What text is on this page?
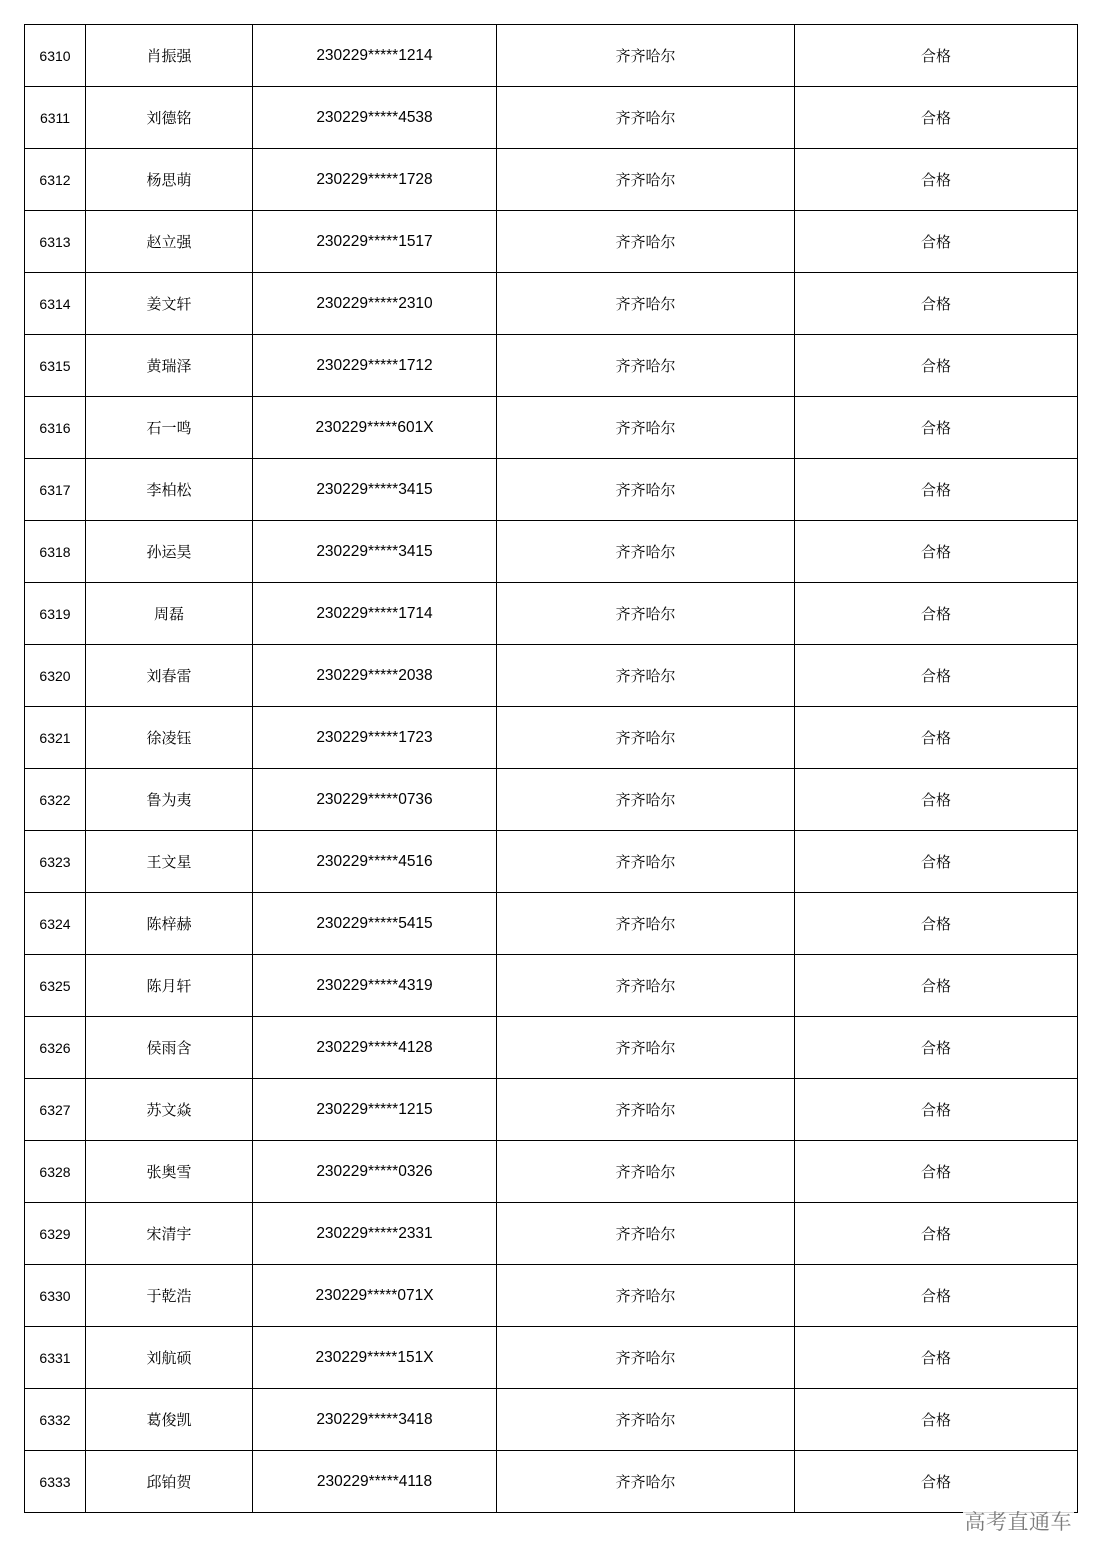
6310	肖振强	230229*****1214	齐齐哈尔	合格
6311	刘德铭	230229*****4538	齐齐哈尔	合格
6312	杨思萌	230229*****1728	齐齐哈尔	合格
6313	赵立强	230229*****1517	齐齐哈尔	合格
6314	姜文轩	230229*****2310	齐齐哈尔	合格
6315	黄瑞泽	230229*****1712	齐齐哈尔	合格
6316	石一鸣	230229*****601X	齐齐哈尔	合格
6317	李柏松	230229*****3415	齐齐哈尔	合格
6318	孙运昊	230229*****3415	齐齐哈尔	合格
6319	周磊	230229*****1714	齐齐哈尔	合格
6320	刘春雷	230229*****2038	齐齐哈尔	合格
6321	徐凌钰	230229*****1723	齐齐哈尔	合格
6322	鲁为夷	230229*****0736	齐齐哈尔	合格
6323	王文星	230229*****4516	齐齐哈尔	合格
6324	陈梓赫	230229*****5415	齐齐哈尔	合格
6325	陈月轩	230229*****4319	齐齐哈尔	合格
6326	侯雨含	230229*****4128	齐齐哈尔	合格
6327	苏文焱	230229*****1215	齐齐哈尔	合格
6328	张奥雪	230229*****0326	齐齐哈尔	合格
6329	宋清宇	230229*****2331	齐齐哈尔	合格
6330	于乾浩	230229*****071X	齐齐哈尔	合格
6331	刘航硕	230229*****151X	齐齐哈尔	合格
6332	葛俊凯	230229*****3418	齐齐哈尔	合格
6333	邱铂贺	230229*****4118	齐齐哈尔	合格
高考直通车
